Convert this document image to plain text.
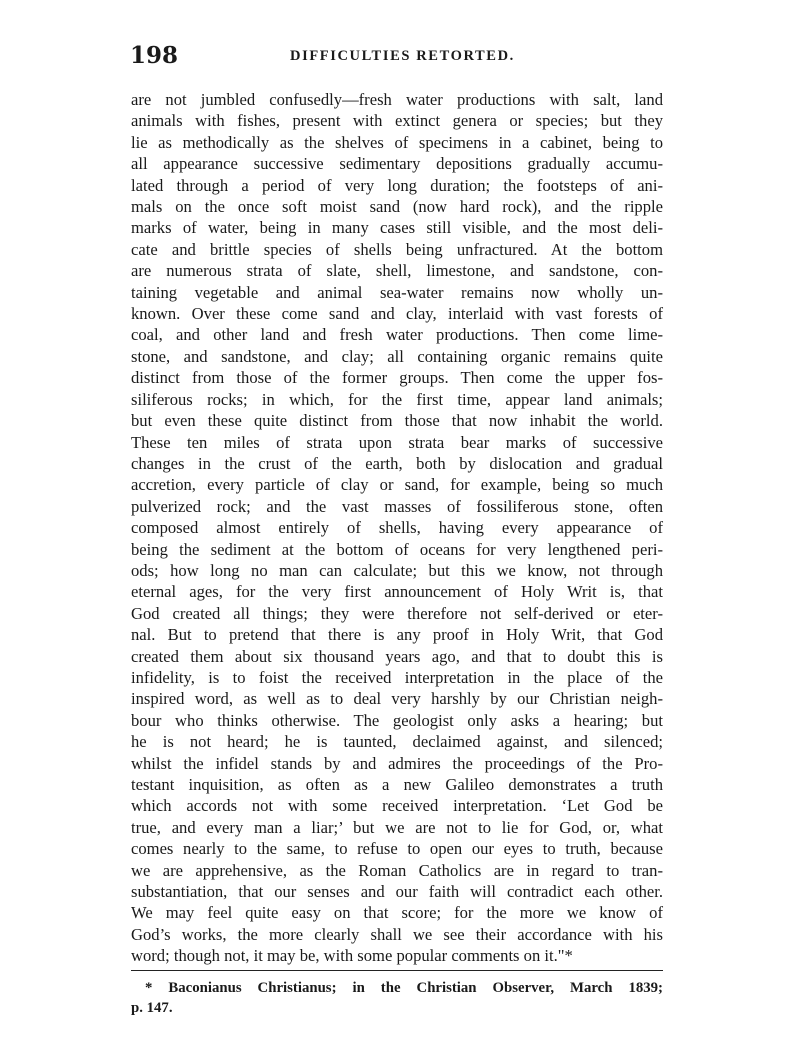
198	DIFFICULTIES RETORTED.
are not jumbled confusedly—fresh water productions with salt, land
animals with fishes, present with extinct genera or species; but they
lie as methodically as the shelves of specimens in a cabinet, being to
all appearance successive sedimentary depositions gradually accumu-
lated through a period of very long duration; the footsteps of ani-
mals on the once soft moist sand (now hard rock), and the ripple
marks of water, being in many cases still visible, and the most deli-
cate and brittle species of shells being unfractured. At the bottom
are numerous strata of slate, shell, limestone, and sandstone, con-
taining vegetable and animal sea-water remains now wholly un-
known. Over these come sand and clay, interlaid with vast forests of
coal, and other land and fresh water productions. Then come lime-
stone, and sandstone, and clay; all containing organic remains quite
distinct from those of the former groups. Then come the upper fos-
siliferous rocks; in which, for the first time, appear land animals;
but even these quite distinct from those that now inhabit the world.
These ten miles of strata upon strata bear marks of successive
changes in the crust of the earth, both by dislocation and gradual
accretion, every particle of clay or sand, for example, being so much
pulverized rock; and the vast masses of fossiliferous stone, often
composed almost entirely of shells, having every appearance of
being the sediment at the bottom of oceans for very lengthened peri-
ods; how long no man can calculate; but this we know, not through
eternal ages, for the very first announcement of Holy Writ is, that
God created all things; they were therefore not self-derived or eter-
nal. But to pretend that there is any proof in Holy Writ, that God
created them about six thousand years ago, and that to doubt this is
infidelity, is to foist the received interpretation in the place of the
inspired word, as well as to deal very harshly by our Christian neigh-
bour who thinks otherwise. The geologist only asks a hearing; but
he is not heard; he is taunted, declaimed against, and silenced;
whilst the infidel stands by and admires the proceedings of the Pro-
testant inquisition, as often as a new Galileo demonstrates a truth
which accords not with some received interpretation. ‘Let God be
true, and every man a liar;’ but we are not to lie for God, or, what
comes nearly to the same, to refuse to open our eyes to truth, because
we are apprehensive, as the Roman Catholics are in regard to tran-
substantiation, that our senses and our faith will contradict each other.
We may feel quite easy on that score; for the more we know of
God’s works, the more clearly shall we see their accordance with his
word; though not, it may be, with some popular comments on it."*
* Baconianus Christianus; in the Christian Observer, March 1839;
p. 147.
